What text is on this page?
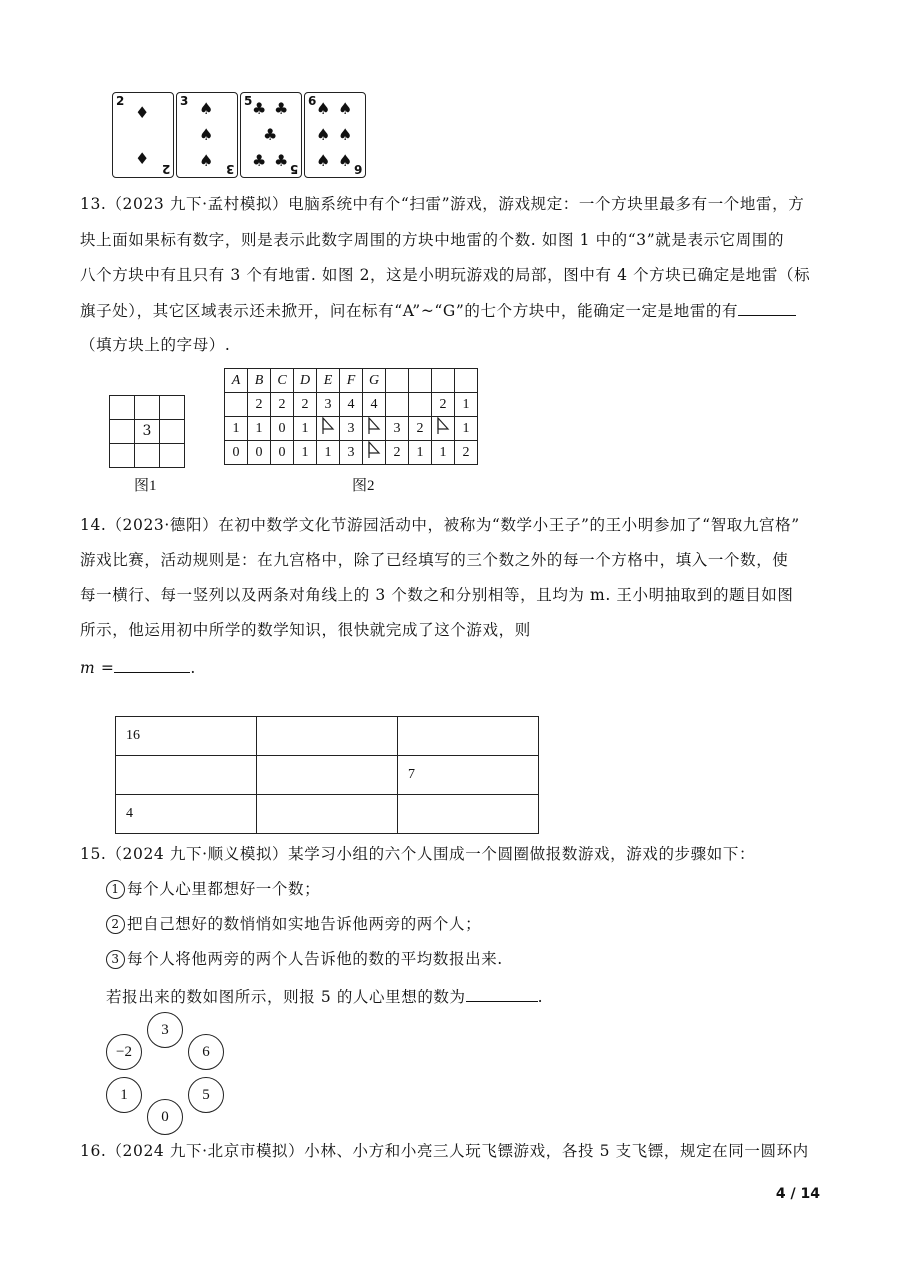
2
♦
♦
2
3 ♠
♠
♠ 3
5 ♣ ♣
♣
♣ ♣ 5
6 ♠ ♠
♠ ♠
♠ ♠ 6
13.（2023 九下·孟村模拟）电脑系统中有个“扫雷”游戏，游戏规定：一个方块里最多有一个地雷，方
块上面如果标有数字，则是表示此数字周围的方块中地雷的个数. 如图 1 中的“3”就是表示它周围的
八个方块中有且只有 3 个有地雷. 如图 2，这是小明玩游戏的局部，图中有 4 个方块已确定是地雷（标
旗子处），其它区域表示还未掀开，问在标有“A”~“G”的七个方块中，能确定一定是地雷的有
（填方块上的字母）.
3
图1
A	B	C	D	E	F	G				
	2	2	2	3	4	4			2	1
1	1	0	1		3		3	2		1
0	0	0	1	1	3		2	1	1	2
图2
14.（2023·德阳）在初中数学文化节游园活动中，被称为“数学小王子”的王小明参加了“智取九宫格”
游戏比赛，活动规则是：在九宫格中，除了已经填写的三个数之外的每一个方格中，填入一个数，使
每一横行、每一竖列以及两条对角线上的 3 个数之和分别相等，且均为 m. 王小明抽取到的题目如图
所示，他运用初中所学的数学知识，很快就完成了这个游戏，则
m =	.
16		
		7
4		
15.（2024 九下·顺义模拟）某学习小组的六个人围成一个圆圈做报数游戏，游戏的步骤如下：
1 每个人心里都想好一个数；
2 把自己想好的数悄悄如实地告诉他两旁的两个人；
3 每个人将他两旁的两个人告诉他的数的平均数报出来.
若报出来的数如图所示，则报 5 的人心里想的数为	.
3
6
5
0
1
−2
16.（2024 九下·北京市模拟）小林、小方和小亮三人玩飞镖游戏，各投 5 支飞镖，规定在同一圆环内
4 / 14
